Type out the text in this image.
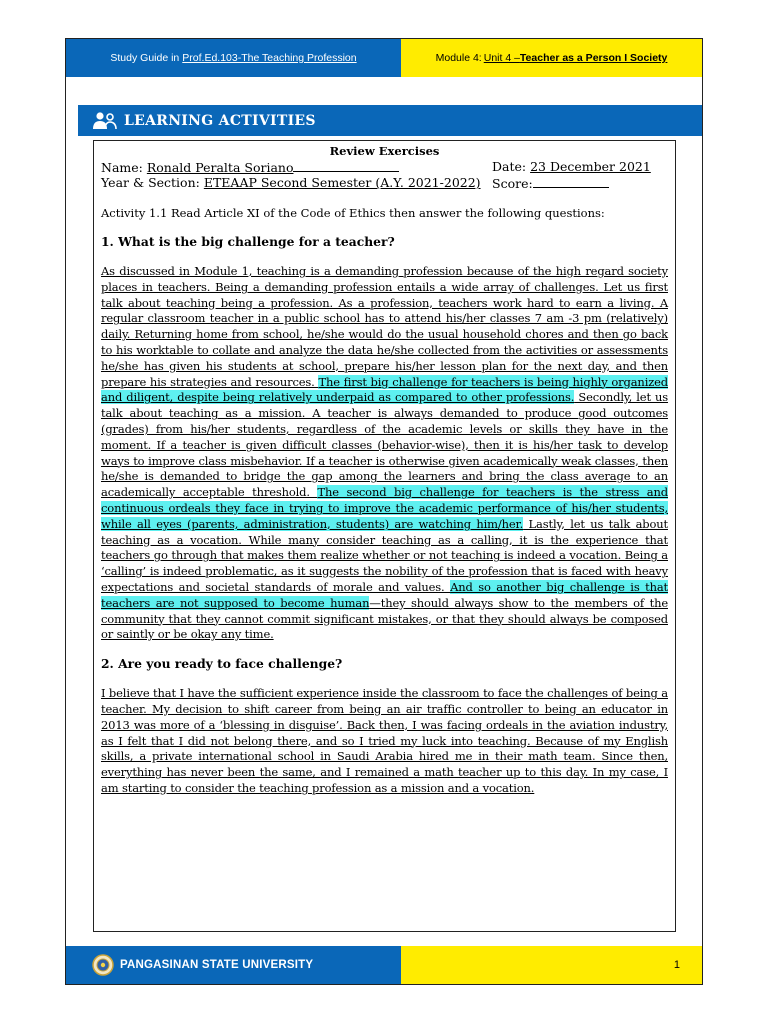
Study Guide in Prof.Ed.103-The Teaching Profession	Module 4: Unit 4 – Teacher as a Person I Society
LEARNING ACTIVITIES
Review Exercises
Name: Ronald Peralta Soriano	Date: 23 December 2021
Year & Section: ETEAAP Second Semester (A.Y. 2021-2022) Score:
Activity 1.1 Read Article XI of the Code of Ethics then answer the following questions:
1. What is the big challenge for a teacher?
As discussed in Module 1, teaching is a demanding profession because of the high regard society places in teachers. Being a demanding profession entails a wide array of challenges. Let us first talk about teaching being a profession. As a profession, teachers work hard to earn a living. A regular classroom teacher in a public school has to attend his/her classes 7 am -3 pm (relatively) daily. Returning home from school, he/she would do the usual household chores and then go back to his worktable to collate and analyze the data he/she collected from the activities or assessments he/she has given his students at school, prepare his/her lesson plan for the next day, and then prepare his strategies and resources. The first big challenge for teachers is being highly organized and diligent, despite being relatively underpaid as compared to other professions. Secondly, let us talk about teaching as a mission. A teacher is always demanded to produce good outcomes (grades) from his/her students, regardless of the academic levels or skills they have in the moment. If a teacher is given difficult classes (behavior-wise), then it is his/her task to develop ways to improve class misbehavior. If a teacher is otherwise given academically weak classes, then he/she is demanded to bridge the gap among the learners and bring the class average to an academically acceptable threshold. The second big challenge for teachers is the stress and continuous ordeals they face in trying to improve the academic performance of his/her students, while all eyes (parents, administration, students) are watching him/her. Lastly, let us talk about teaching as a vocation. While many consider teaching as a calling, it is the experience that teachers go through that makes them realize whether or not teaching is indeed a vocation. Being a ‘calling’ is indeed problematic, as it suggests the nobility of the profession that is faced with heavy expectations and societal standards of morale and values. And so another big challenge is that teachers are not supposed to become human—they should always show to the members of the community that they cannot commit significant mistakes, or that they should always be composed or saintly or be okay any time.
2. Are you ready to face challenge?
I believe that I have the sufficient experience inside the classroom to face the challenges of being a teacher. My decision to shift career from being an air traffic controller to being an educator in 2013 was more of a ‘blessing in disguise’. Back then, I was facing ordeals in the aviation industry, as I felt that I did not belong there, and so I tried my luck into teaching. Because of my English skills, a private international school in Saudi Arabia hired me in their math team. Since then, everything has never been the same, and I remained a math teacher up to this day. In my case, I am starting to consider the teaching profession as a mission and a vocation.
PANGASINAN STATE UNIVERSITY	1
